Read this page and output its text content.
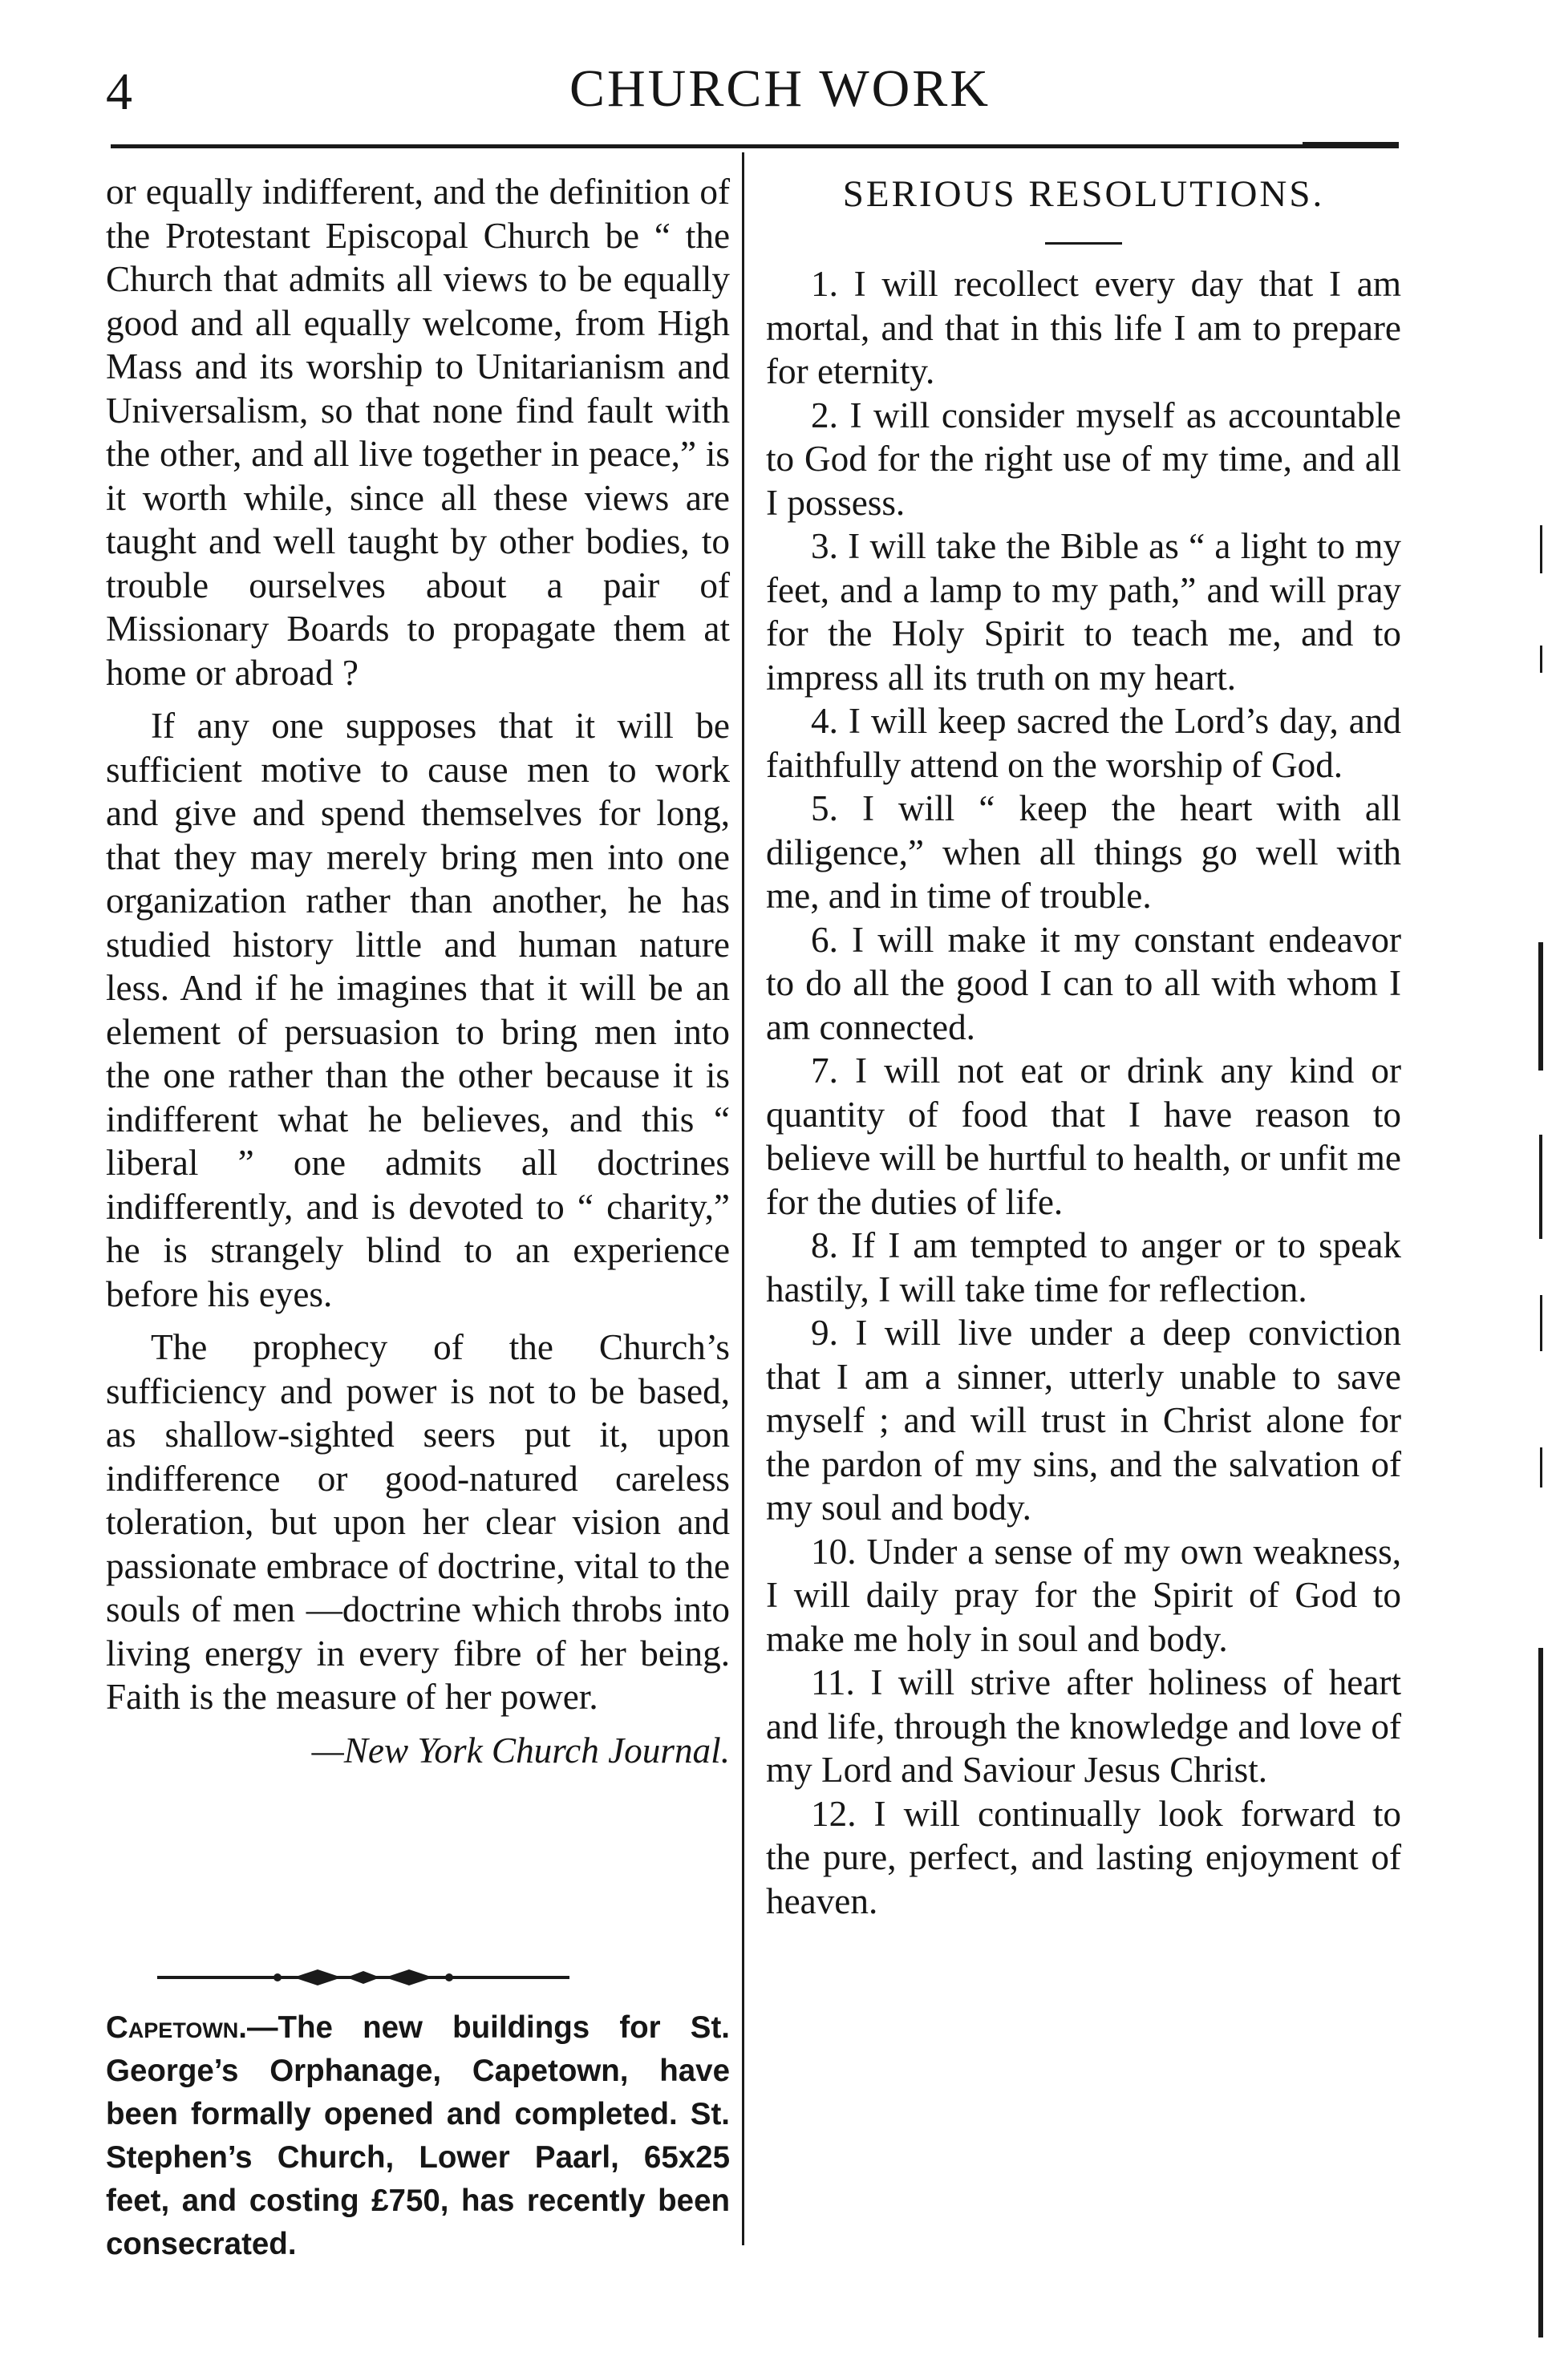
4	CHURCH WORK

or equally indifferent, and the definition of the Protestant Episcopal Church be “ the Church that admits all views to be equally good and all equally welcome, from High Mass and its worship to Unitarianism and Universalism, so that none find fault with the other, and all live together in peace,” is it worth while, since all these views are taught and well taught by other bodies, to trouble ourselves about a pair of Missionary Boards to propagate them at home or abroad ?

If any one supposes that it will be sufficient motive to cause men to work and give and spend themselves for long, that they may merely bring men into one organization rather than another, he has studied history little and human nature less. And if he imagines that it will be an element of persuasion to bring men into the one rather than the other because it is indifferent what he believes, and this “ liberal ” one admits all doctrines indifferently, and is devoted to “ charity,” he is strangely blind to an experience before his eyes.

The prophecy of the Church’s sufficiency and power is not to be based, as shallow-sighted seers put it, upon indifference or good-natured careless toleration, but upon her clear vision and passionate embrace of doctrine, vital to the souls of men —doctrine which throbs into living energy in every fibre of her being. Faith is the measure of her power.

—New York Church Journal.

Capetown.—The new buildings for St. George’s Orphanage, Capetown, have been formally opened and completed. St. Stephen’s Church, Lower Paarl, 65x25 feet, and costing £750, has recently been consecrated.

SERIOUS RESOLUTIONS.

1. I will recollect every day that I am mortal, and that in this life I am to prepare for eternity.

2. I will consider myself as accountable to God for the right use of my time, and all I possess.

3. I will take the Bible as “ a light to my feet, and a lamp to my path,” and will pray for the Holy Spirit to teach me, and to impress all its truth on my heart.

4. I will keep sacred the Lord’s day, and faithfully attend on the worship of God.

5. I will “ keep the heart with all diligence,” when all things go well with me, and in time of trouble.

6. I will make it my constant endeavor to do all the good I can to all with whom I am connected.

7. I will not eat or drink any kind or quantity of food that I have reason to believe will be hurtful to health, or unfit me for the duties of life.

8. If I am tempted to anger or to speak hastily, I will take time for reflection.

9. I will live under a deep conviction that I am a sinner, utterly unable to save myself ; and will trust in Christ alone for the pardon of my sins, and the salvation of my soul and body.

10. Under a sense of my own weakness, I will daily pray for the Spirit of God to make me holy in soul and body.

11. I will strive after holiness of heart and life, through the knowledge and love of my Lord and Saviour Jesus Christ.

12. I will continually look forward to the pure, perfect, and lasting enjoyment of heaven.
